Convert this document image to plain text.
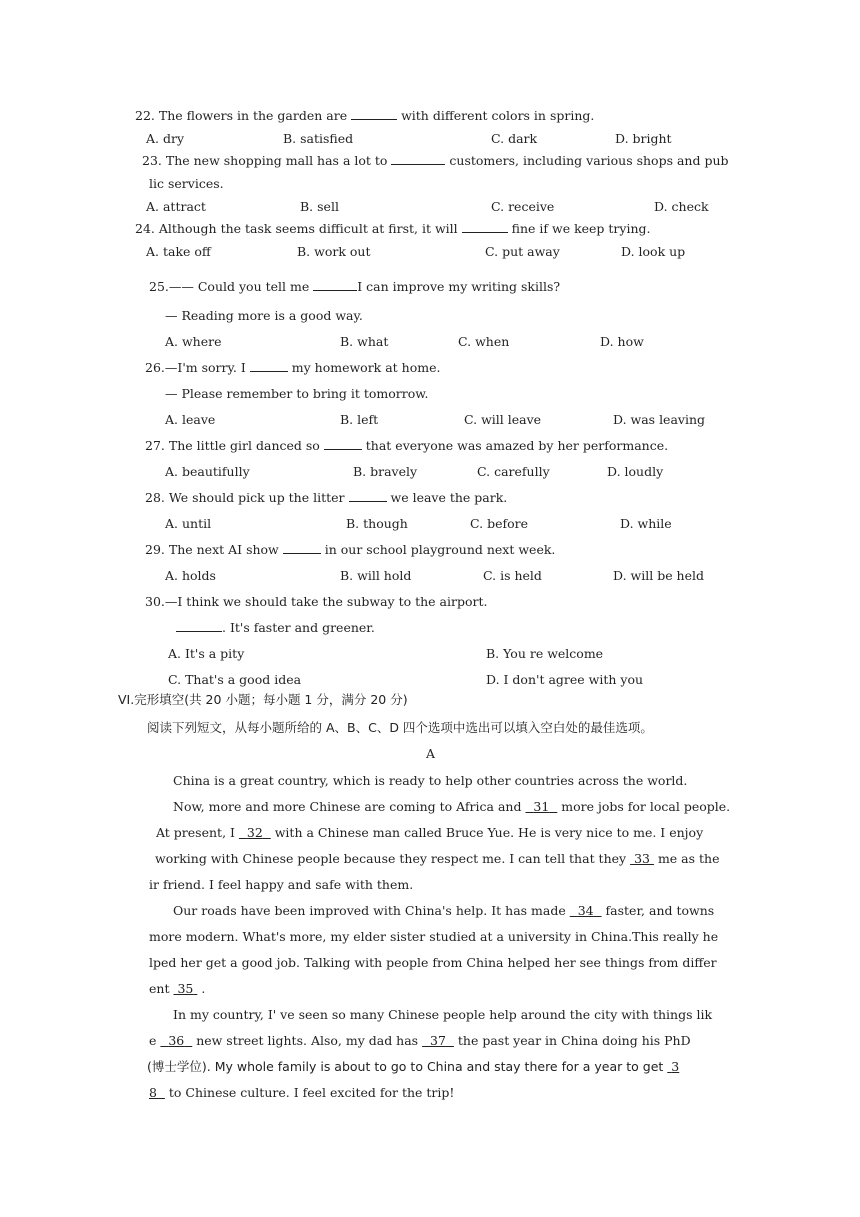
22. The flowers in the garden are	with different colors in spring.
A. dry	B. satisfied	C. dark	D. bright
23. The new shopping mall has a lot to	customers, including various shops and pub
lic services.
A. attract	B. sell	C. receive	D. check
24. Although the task seems difficult at first, it will	fine if we keep trying.
A. take off	B. work out	C. put away	D. look up
25.—— Could you tell me	I can improve my writing skills?
— Reading more is a good way.
A. where	B. what	C. when	D. how
26.—I'm sorry. I	my homework at home.
— Please remember to bring it tomorrow.
A. leave	B. left	C. will leave	D. was leaving
27. The little girl danced so	that everyone was amazed by her performance.
A. beautifully	B. bravely	C. carefully	D. loudly
28. We should pick up the litter	we leave the park.
A. until	B. though	C. before	D. while
29. The next AI show	in our school playground next week.
A. holds	B. will hold	C. is held	D. will be held
30.—I think we should take the subway to the airport.
. It's faster and greener.
A. It's a pity	B. You re welcome
C. That's a good idea	D. I don't agree with you
VI.完形填空(共 20 小题；每小题 1 分，满分 20 分)
阅读下列短文，从每小题所给的 A、B、C、D 四个选项中选出可以填入空白处的最佳选项。
A
China is a great country, which is ready to help other countries across the world.
Now, more and more Chinese are coming to Africa and 31 more jobs for local people.
At present, I 32 with a Chinese man called Bruce Yue. He is very nice to me. I enjoy
working with Chinese people because they respect me. I can tell that they 33 me as the
ir friend. I feel happy and safe with them.
Our roads have been improved with China's help. It has made 34 faster, and towns
more modern. What's more, my elder sister studied at a university in China.This really he
lped her get a good job. Talking with people from China helped her see things from differ
ent 35 .
In my country, I' ve seen so many Chinese people help around the city with things lik
e 36 new street lights. Also, my dad has 37 the past year in China doing his PhD
(博士学位). My whole family is about to go to China and stay there for a year to get 3
8 to Chinese culture. I feel excited for the trip!
